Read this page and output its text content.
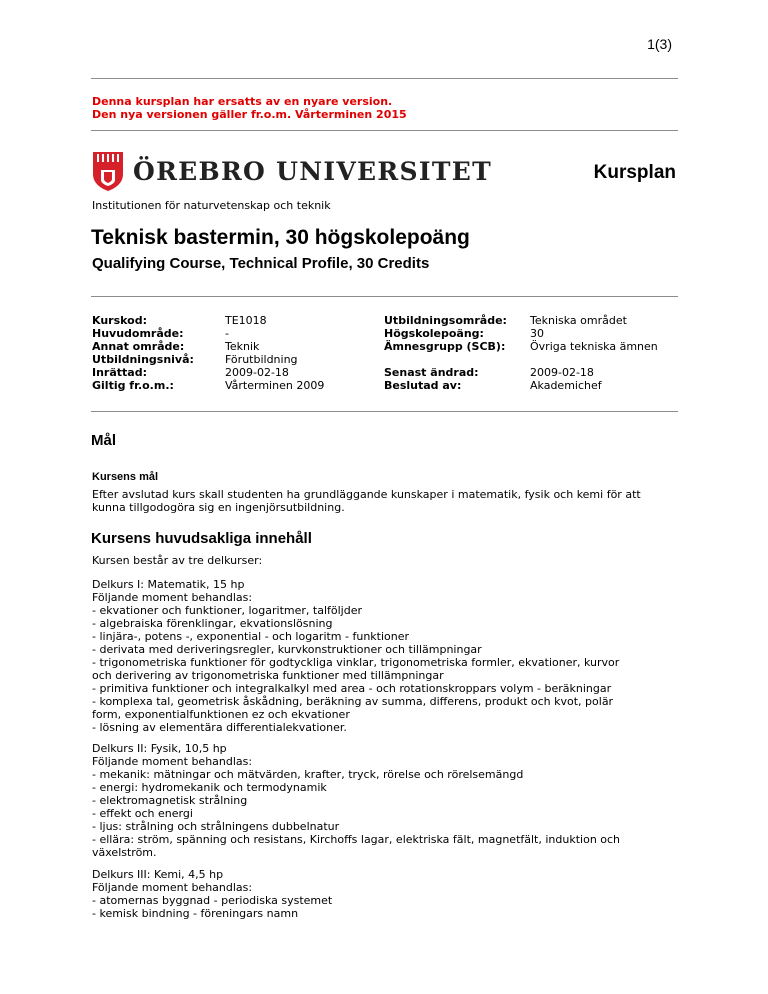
1(3)
Denna kursplan har ersatts av en nyare version.
Den nya versionen gäller fr.o.m. Vårterminen 2015
ÖREBRO UNIVERSITET	Kursplan
Institutionen för naturvetenskap och teknik
Teknisk bastermin, 30 högskolepoäng
Qualifying Course, Technical Profile, 30 Credits
Kurskod:
Huvudområde:
Annat område:
Utbildningsnivå:
Inrättad:
Giltig fr.o.m.:
TE1018
-
Teknik
Förutbildning
2009-02-18
Vårterminen 2009
Utbildningsområde:
Högskolepoäng:
Ämnesgrupp (SCB):
Senast ändrad:
Beslutad av:
Tekniska området
30
Övriga tekniska ämnen
2009-02-18
Akademichef
Mål
Kursens mål
Efter avslutad kurs skall studenten ha grundläggande kunskaper i matematik, fysik och kemi för att
kunna tillgodogöra sig en ingenjörsutbildning.
Kursens huvudsakliga innehåll
Kursen består av tre delkurser:
Delkurs I: Matematik, 15 hp
Följande moment behandlas:
- ekvationer och funktioner, logaritmer, talföljder
- algebraiska förenklingar, ekvationslösning
- linjära-, potens -, exponential - och logaritm - funktioner
- derivata med deriveringsregler, kurvkonstruktioner och tillämpningar
- trigonometriska funktioner för godtyckliga vinklar, trigonometriska formler, ekvationer, kurvor
och derivering av trigonometriska funktioner med tillämpningar
- primitiva funktioner och integralkalkyl med area - och rotationskroppars volym - beräkningar
- komplexa tal, geometrisk åskådning, beräkning av summa, differens, produkt och kvot, polär
form, exponentialfunktionen ez och ekvationer
- lösning av elementära differentialekvationer.
Delkurs II: Fysik, 10,5 hp
Följande moment behandlas:
- mekanik: mätningar och mätvärden, krafter, tryck, rörelse och rörelsemängd
- energi: hydromekanik och termodynamik
- elektromagnetisk strålning
- effekt och energi
- ljus: strålning och strålningens dubbelnatur
- ellära: ström, spänning och resistans, Kirchoffs lagar, elektriska fält, magnetfält, induktion och
växelström.
Delkurs III: Kemi, 4,5 hp
Följande moment behandlas:
- atomernas byggnad - periodiska systemet
- kemisk bindning - föreningars namn
